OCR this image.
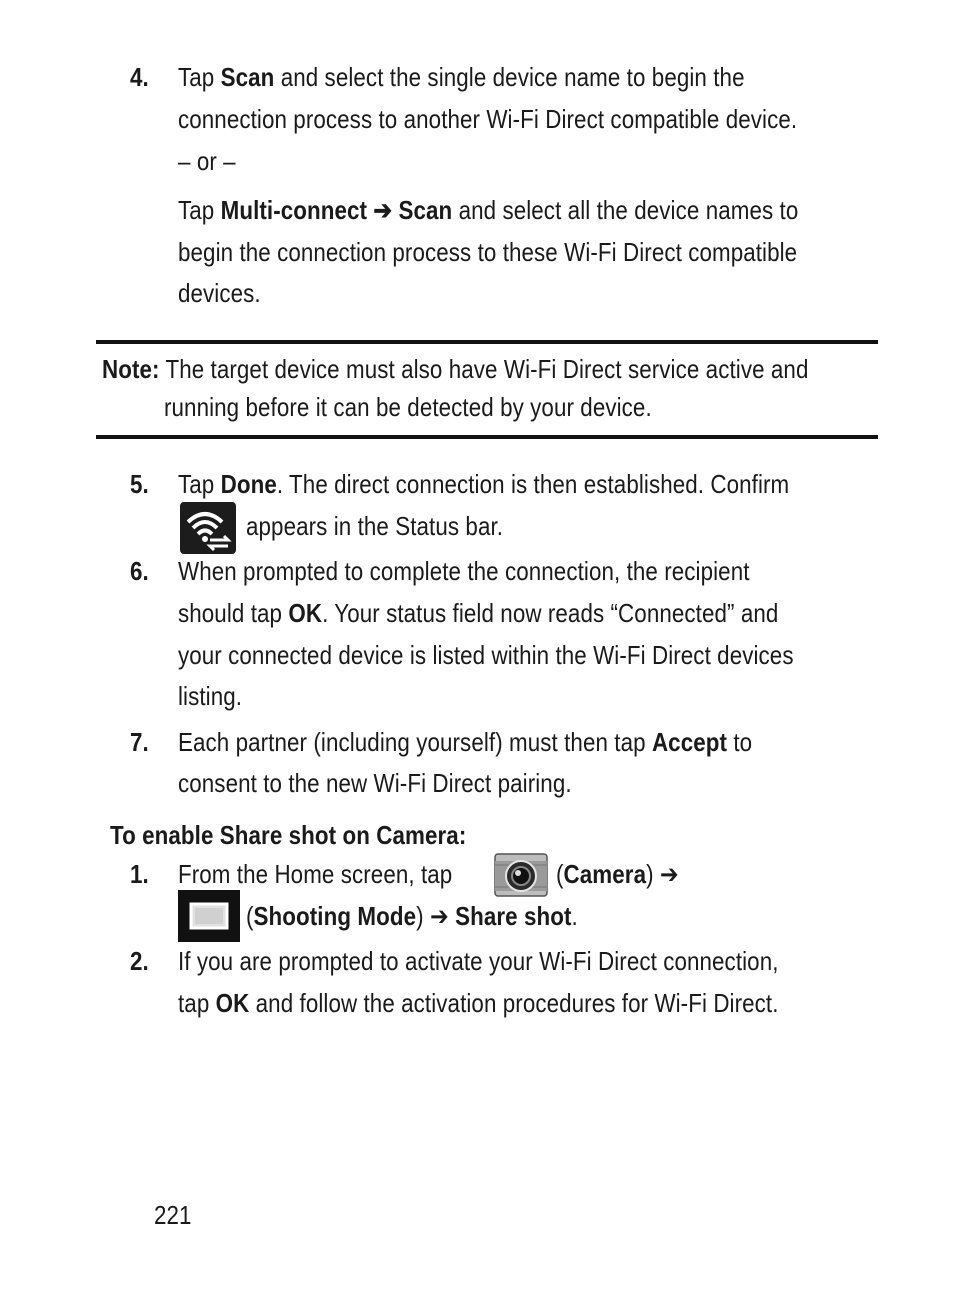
4. Tap Scan and select the single device name to begin the
connection process to another Wi-Fi Direct compatible device.
– or –
Tap Multi-connect ➔ Scan and select all the device names to
begin the connection process to these Wi-Fi Direct compatible
devices.
Note: The target device must also have Wi-Fi Direct service active and
running before it can be detected by your device.
5. Tap Done. The direct connection is then established. Confirm
appears in the Status bar.
6. When prompted to complete the connection, the recipient
should tap OK. Your status field now reads “Connected” and
your connected device is listed within the Wi-Fi Direct devices
listing.
7. Each partner (including yourself) must then tap Accept to
consent to the new Wi-Fi Direct pairing.
To enable Share shot on Camera:
1. From the Home screen, tap	(Camera) ➔
(Shooting Mode) ➔ Share shot.
2. If you are prompted to activate your Wi-Fi Direct connection,
tap OK and follow the activation procedures for Wi-Fi Direct.
221
